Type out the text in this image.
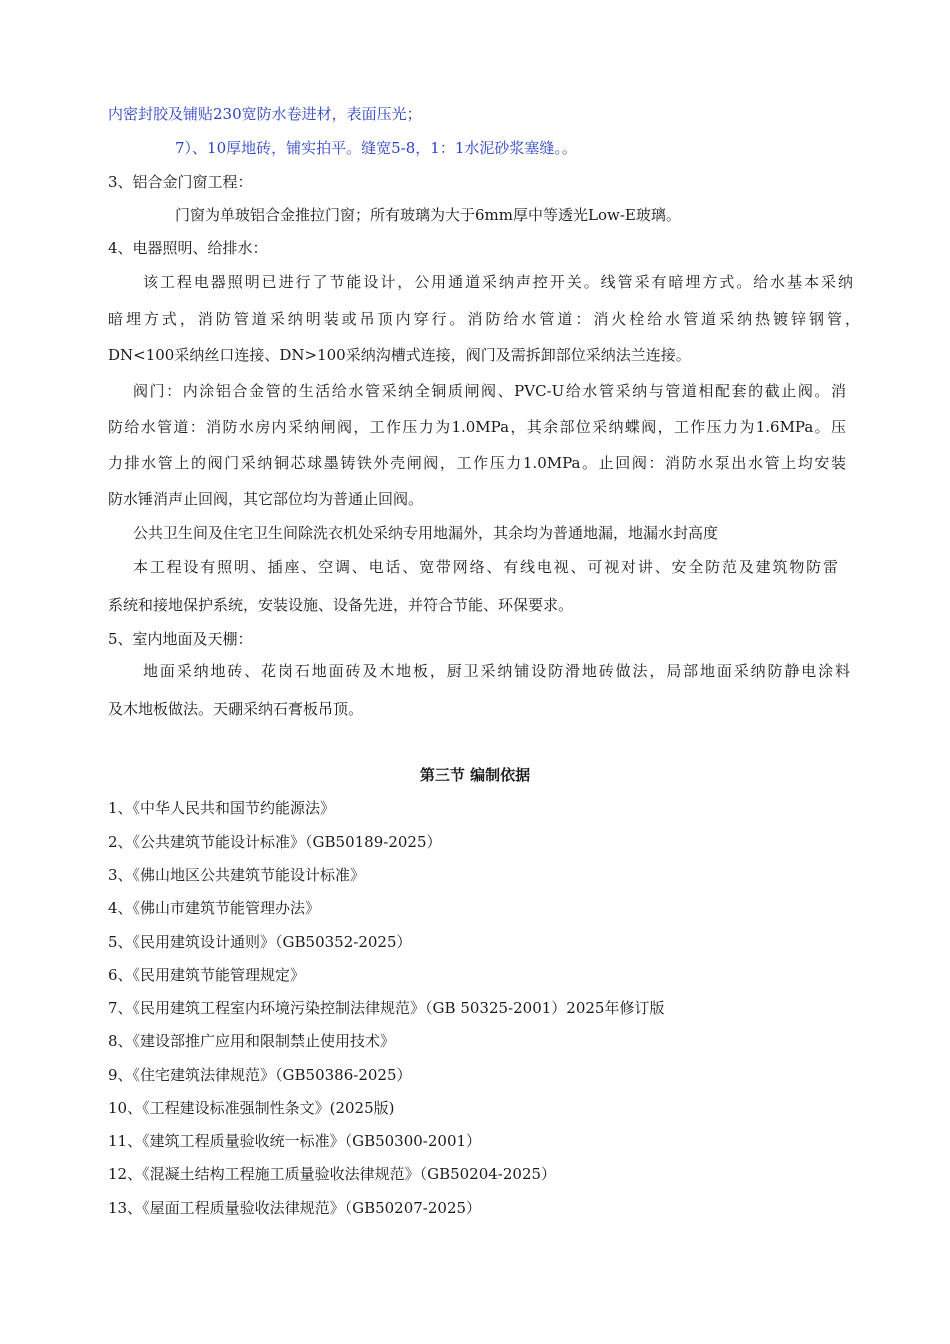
内密封胶及铺贴230宽防水卷进材，表面压光；
7）、10厚地砖，铺实拍平。缝宽5-8，1：1水泥砂浆塞缝。。
3、铝合金门窗工程：
门窗为单玻铝合金推拉门窗；所有玻璃为大于6mm厚中等透光Low-E玻璃。
4、电器照明、给排水：
该工程电器照明已进行了节能设计，公用通道采纳声控开关。线管采有暗埋方式。给水基本采纳
暗埋方式，消防管道采纳明装或吊顶内穿行。消防给水管道：消火栓给水管道采纳热镀锌钢管，
DN<100采纳丝口连接、DN>100采纳沟槽式连接，阀门及需拆卸部位采纳法兰连接。
阀门：内涂铝合金管的生活给水管采纳全铜质闸阀、PVC-U给水管采纳与管道相配套的截止阀。消
防给水管道：消防水房内采纳闸阀，工作压力为1.0MPa，其余部位采纳蝶阀，工作压力为1.6MPa。压
力排水管上的阀门采纳铜芯球墨铸铁外壳闸阀，工作压力1.0MPa。止回阀：消防水泵出水管上均安装
防水锤消声止回阀，其它部位均为普通止回阀。
公共卫生间及住宅卫生间除洗衣机处采纳专用地漏外，其余均为普通地漏，地漏水封高度
本工程设有照明、插座、空调、电话、宽带网络、有线电视、可视对讲、安全防范及建筑物防雷
系统和接地保护系统，安装设施、设备先进，并符合节能、环保要求。
5、室内地面及天棚：
地面采纳地砖、花岗石地面砖及木地板，厨卫采纳铺设防滑地砖做法，局部地面采纳防静电涂料
及木地板做法。天硼采纳石膏板吊顶。
第三节 编制依据
1、《中华人民共和国节约能源法》
2、《公共建筑节能设计标准》（GB50189-2025）
3、《佛山地区公共建筑节能设计标准》
4、《佛山市建筑节能管理办法》
5、《民用建筑设计通则》（GB50352-2025）
6、《民用建筑节能管理规定》
7、《民用建筑工程室内环境污染控制法律规范》（GB 50325-2001）2025年修订版
8、《建设部推广应用和限制禁止使用技术》
9、《住宅建筑法律规范》（GB50386-2025）
10、《工程建设标准强制性条文》(2025版)
11、《建筑工程质量验收统一标准》（GB50300-2001）
12、《混凝土结构工程施工质量验收法律规范》（GB50204-2025）
13、《屋面工程质量验收法律规范》（GB50207-2025）
